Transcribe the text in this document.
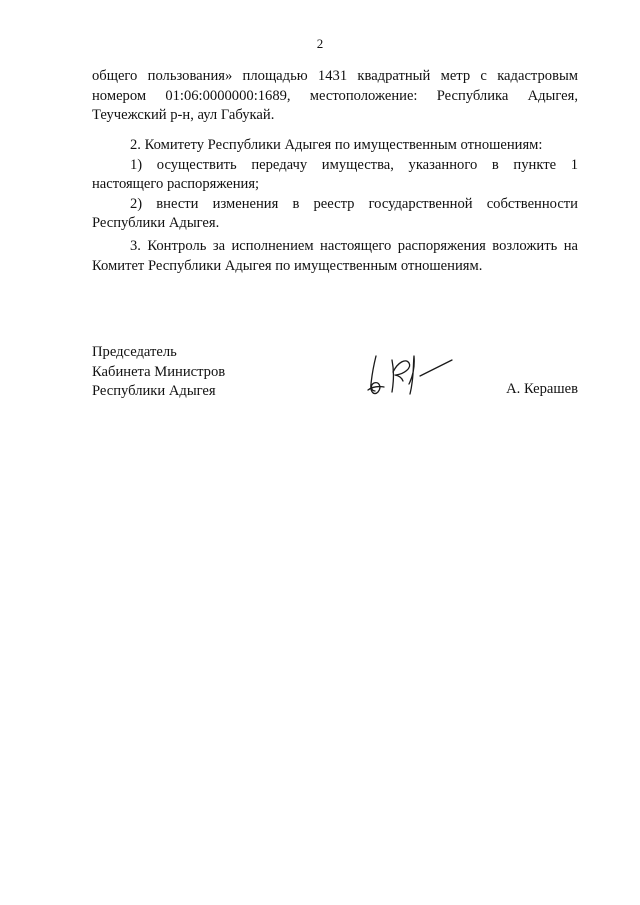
2
общего пользования» площадью 1431 квадратный метр с кадастровым
номером 01:06:0000000:1689, местоположение: Республика Адыгея,
Теучежский р-н, аул Габукай.
2. Комитету Республики Адыгея по имущественным отношениям:
1) осуществить передачу имущества, указанного в пункте 1
настоящего распоряжения;
2) внести изменения в реестр государственной собственности
Республики Адыгея.
3. Контроль за исполнением настоящего распоряжения возложить на
Комитет Республики Адыгея по имущественным отношениям.
Председатель
Кабинета Министров
Республики Адыгея	А. Керашев
